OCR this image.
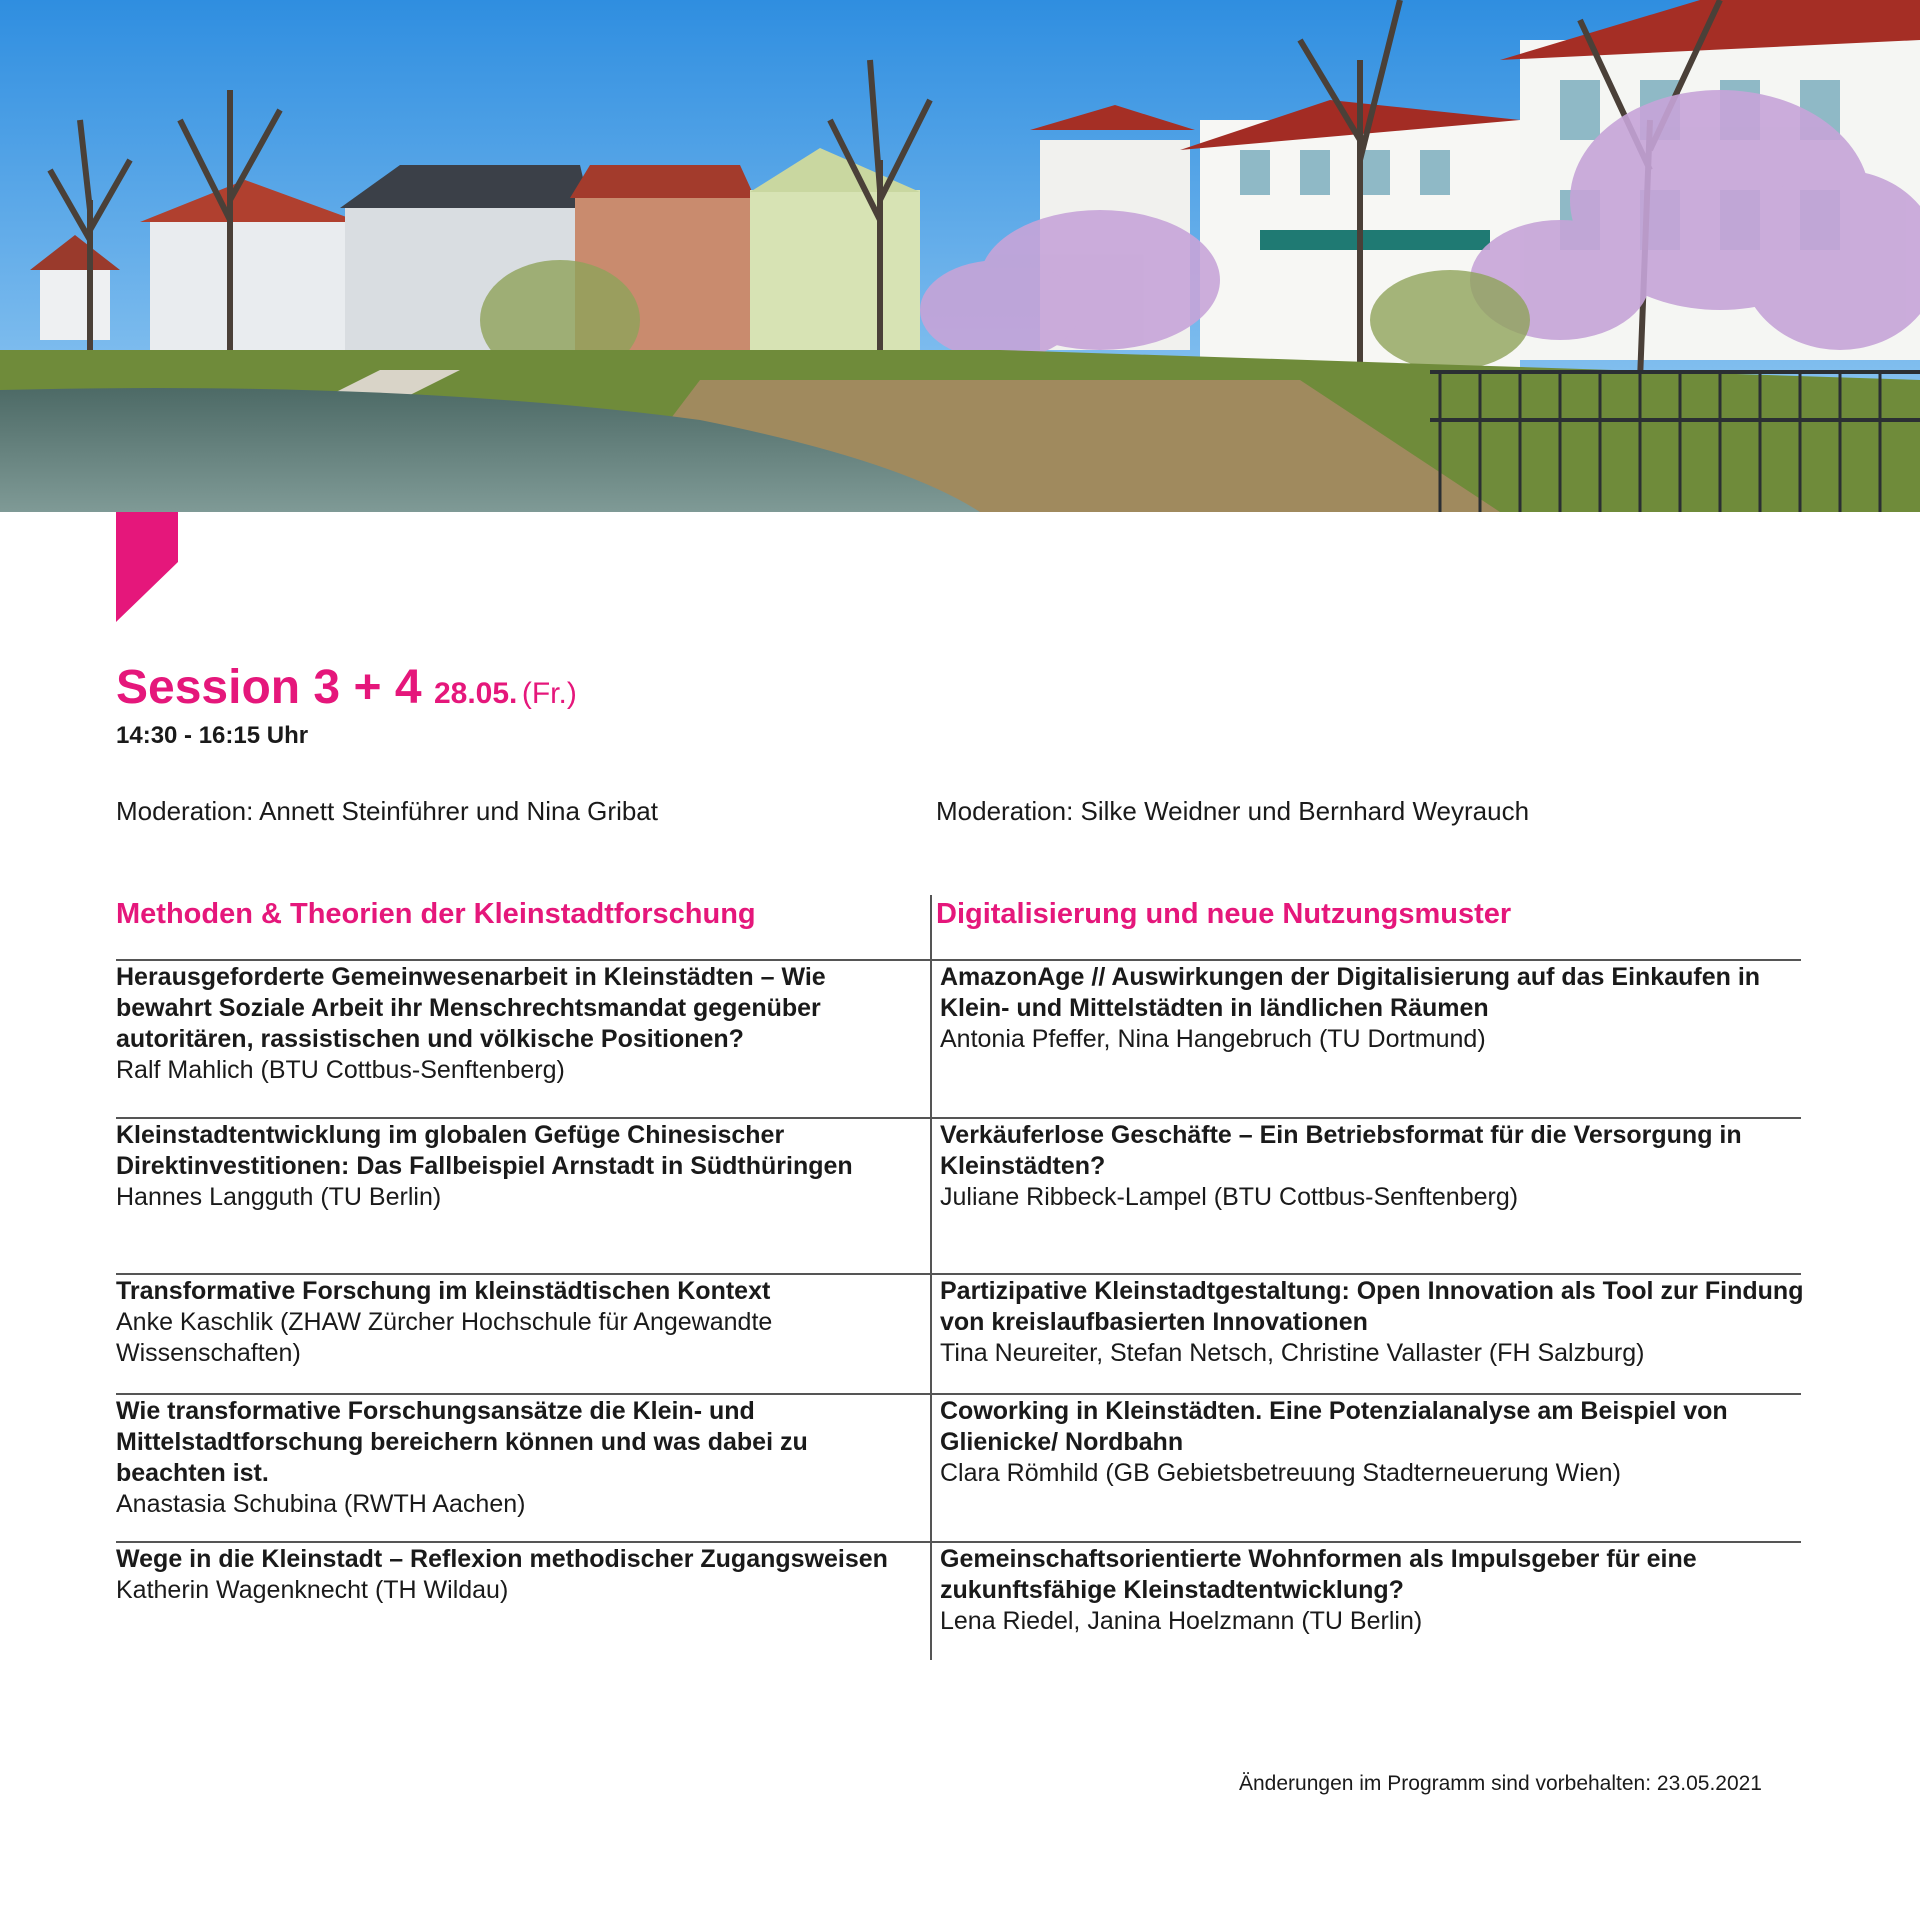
Session 3 + 4 28.05. (Fr.)
14:30 - 16:15 Uhr
Moderation: Annett Steinführer und Nina Gribat	Moderation: Silke Weidner und Bernhard Weyrauch
Methoden & Theorien der Kleinstadtforschung	Digitalisierung und neue Nutzungsmuster
Herausgeforderte Gemeinwesenarbeit in Kleinstädten – Wie bewahrt Soziale Arbeit ihr Menschrechtsmandat gegenüber autoritären, rassistischen und völkische Positionen?
Ralf Mahlich (BTU Cottbus-Senftenberg)
Kleinstadtentwicklung im globalen Gefüge Chinesischer Direktinvestitionen: Das Fallbeispiel Arnstadt in Südthüringen
Hannes Langguth (TU Berlin)
Transformative Forschung im kleinstädtischen Kontext
Anke Kaschlik (ZHAW Zürcher Hochschule für Angewandte Wissenschaften)
Wie transformative Forschungsansätze die Klein- und Mittelstadtforschung bereichern können und was dabei zu beachten ist.
Anastasia Schubina (RWTH Aachen)
Wege in die Kleinstadt – Reflexion methodischer Zugangsweisen
Katherin Wagenknecht (TH Wildau)
AmazonAge // Auswirkungen der Digitalisierung auf das Einkaufen in Klein- und Mittelstädten in ländlichen Räumen
Antonia Pfeffer, Nina Hangebruch (TU Dortmund)
Verkäuferlose Geschäfte – Ein Betriebsformat für die Versorgung in Kleinstädten?
Juliane Ribbeck-Lampel (BTU Cottbus-Senftenberg)
Partizipative Kleinstadtgestaltung: Open Innovation als Tool zur Findung von kreislaufbasierten Innovationen
Tina Neureiter, Stefan Netsch, Christine Vallaster (FH Salzburg)
Coworking in Kleinstädten. Eine Potenzialanalyse am Beispiel von Glienicke/ Nordbahn
Clara Römhild (GB Gebietsbetreuung Stadterneuerung Wien)
Gemeinschaftsorientierte Wohnformen als Impulsgeber für eine zukunftsfähige Kleinstadtentwicklung?
Lena Riedel, Janina Hoelzmann (TU Berlin)
Änderungen im Programm sind vorbehalten: 23.05.2021
